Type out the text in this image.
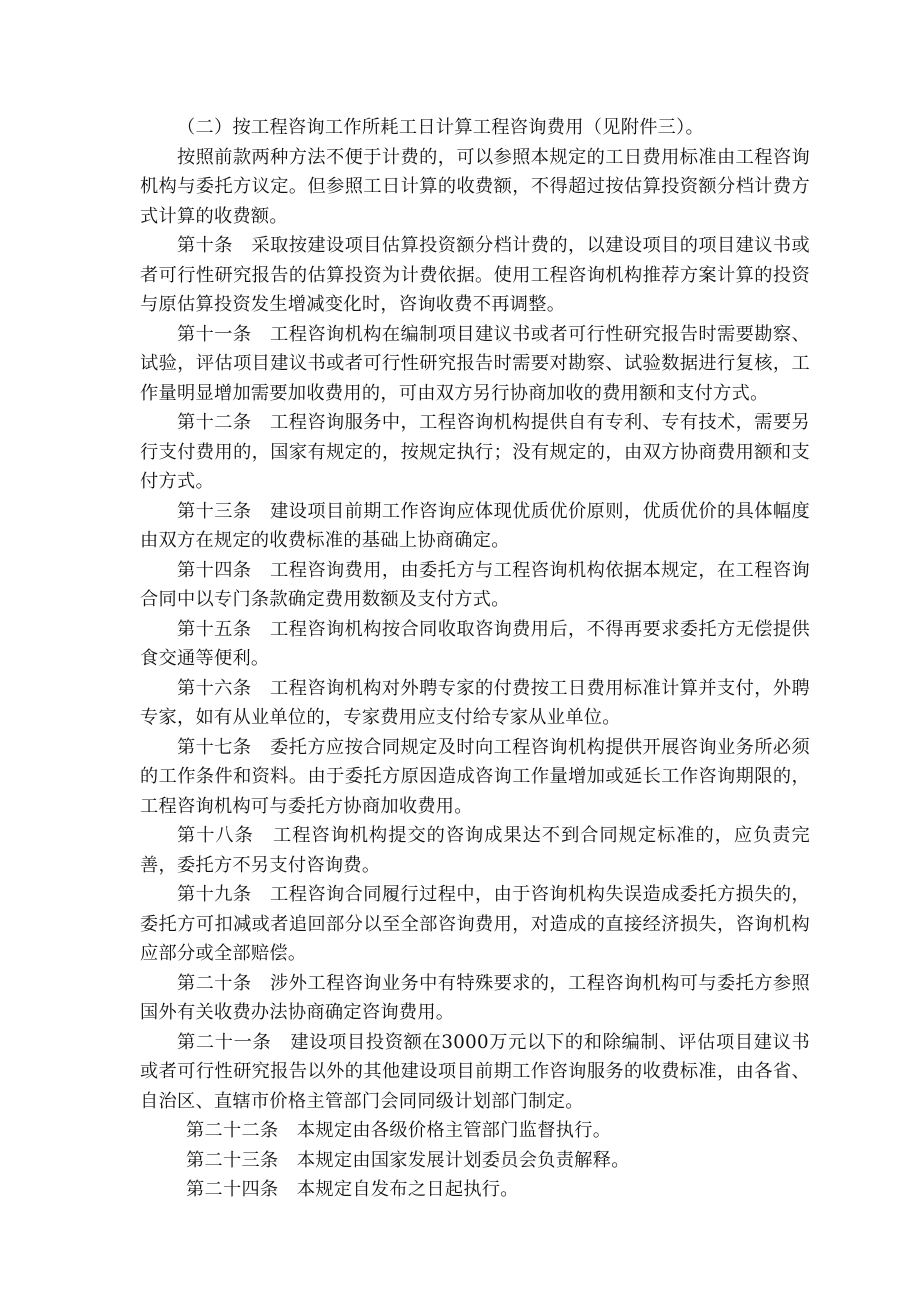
（二）按工程咨询工作所耗工日计算工程咨询费用（见附件三）。

按照前款两种方法不便于计费的，可以参照本规定的工日费用标准由工程咨询机构与委托方议定。但参照工日计算的收费额，不得超过按估算投资额分档计费方式计算的收费额。

第十条　采取按建设项目估算投资额分档计费的，以建设项目的项目建议书或者可行性研究报告的估算投资为计费依据。使用工程咨询机构推荐方案计算的投资与原估算投资发生增减变化时，咨询收费不再调整。

第十一条　工程咨询机构在编制项目建议书或者可行性研究报告时需要勘察、试验，评估项目建议书或者可行性研究报告时需要对勘察、试验数据进行复核，工作量明显增加需要加收费用的，可由双方另行协商加收的费用额和支付方式。

第十二条　工程咨询服务中，工程咨询机构提供自有专利、专有技术，需要另行支付费用的，国家有规定的，按规定执行；没有规定的，由双方协商费用额和支付方式。

第十三条　建设项目前期工作咨询应体现优质优价原则，优质优价的具体幅度由双方在规定的收费标准的基础上协商确定。

第十四条　工程咨询费用，由委托方与工程咨询机构依据本规定，在工程咨询合同中以专门条款确定费用数额及支付方式。

第十五条　工程咨询机构按合同收取咨询费用后，不得再要求委托方无偿提供食交通等便利。

第十六条　工程咨询机构对外聘专家的付费按工日费用标准计算并支付，外聘专家，如有从业单位的，专家费用应支付给专家从业单位。

第十七条　委托方应按合同规定及时向工程咨询机构提供开展咨询业务所必须的工作条件和资料。由于委托方原因造成咨询工作量增加或延长工作咨询期限的，工程咨询机构可与委托方协商加收费用。

第十八条　工程咨询机构提交的咨询成果达不到合同规定标准的，应负责完善，委托方不另支付咨询费。

第十九条　工程咨询合同履行过程中，由于咨询机构失误造成委托方损失的，委托方可扣减或者追回部分以至全部咨询费用，对造成的直接经济损失，咨询机构应部分或全部赔偿。

第二十条　涉外工程咨询业务中有特殊要求的，工程咨询机构可与委托方参照国外有关收费办法协商确定咨询费用。

第二十一条　建设项目投资额在3000万元以下的和除编制、评估项目建议书或者可行性研究报告以外的其他建设项目前期工作咨询服务的收费标准，由各省、自治区、直辖市价格主管部门会同同级计划部门制定。

第二十二条　本规定由各级价格主管部门监督执行。

第二十三条　本规定由国家发展计划委员会负责解释。

第二十四条　本规定自发布之日起执行。
